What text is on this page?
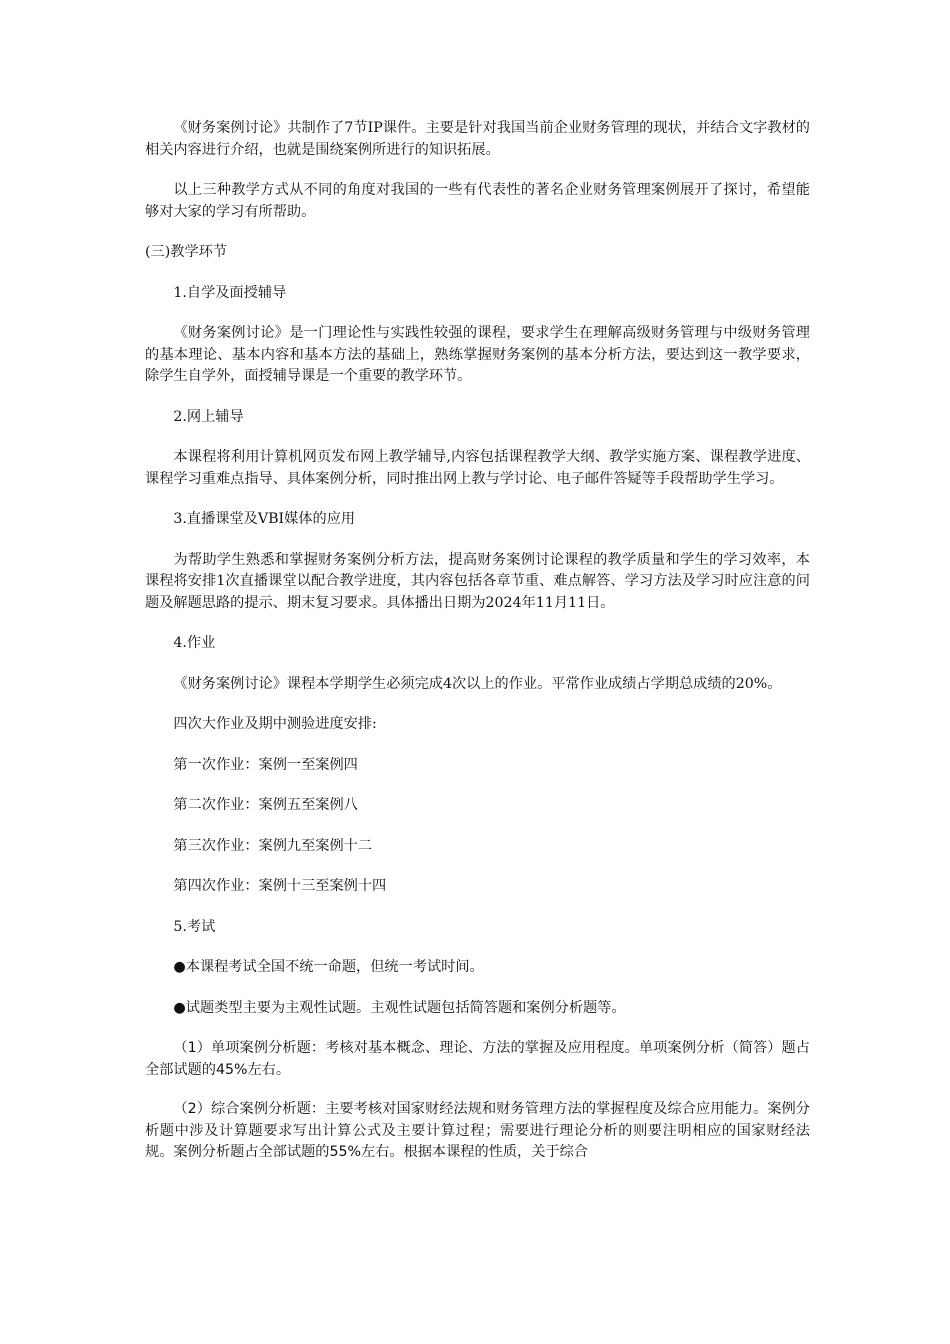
《财务案例讨论》共制作了7节IP课件。主要是针对我国当前企业财务管理的现状，并结合文字教材的相关内容进行介绍，也就是围绕案例所进行的知识拓展。

以上三种教学方式从不同的角度对我国的一些有代表性的著名企业财务管理案例展开了探讨，希望能够对大家的学习有所帮助。

(三)教学环节

1.自学及面授辅导

《财务案例讨论》是一门理论性与实践性较强的课程，要求学生在理解高级财务管理与中级财务管理的基本理论、基本内容和基本方法的基础上，熟练掌握财务案例的基本分析方法，要达到这一教学要求，除学生自学外，面授辅导课是一个重要的教学环节。

2.网上辅导

本课程将利用计算机网页发布网上教学辅导,内容包括课程教学大纲、教学实施方案、课程教学进度、课程学习重难点指导、具体案例分析，同时推出网上教与学讨论、电子邮件答疑等手段帮助学生学习。

3.直播课堂及VBI媒体的应用

为帮助学生熟悉和掌握财务案例分析方法，提高财务案例讨论课程的教学质量和学生的学习效率，本课程将安排1次直播课堂以配合教学进度，其内容包括各章节重、难点解答、学习方法及学习时应注意的问题及解题思路的提示、期末复习要求。具体播出日期为2024年11月11日。

4.作业

《财务案例讨论》课程本学期学生必须完成4次以上的作业。平常作业成绩占学期总成绩的20%。

四次大作业及期中测验进度安排:

第一次作业：案例一至案例四

第二次作业：案例五至案例八

第三次作业：案例九至案例十二

第四次作业：案例十三至案例十四

5.考试

●本课程考试全国不统一命题，但统一考试时间。

●试题类型主要为主观性试题。主观性试题包括简答题和案例分析题等。

（1）单项案例分析题：考核对基本概念、理论、方法的掌握及应用程度。单项案例分析（简答）题占全部试题的45%左右。

（2）综合案例分析题：主要考核对国家财经法规和财务管理方法的掌握程度及综合应用能力。案例分析题中涉及计算题要求写出计算公式及主要计算过程；需要进行理论分析的则要注明相应的国家财经法规。案例分析题占全部试题的55%左右。根据本课程的性质，关于综合
